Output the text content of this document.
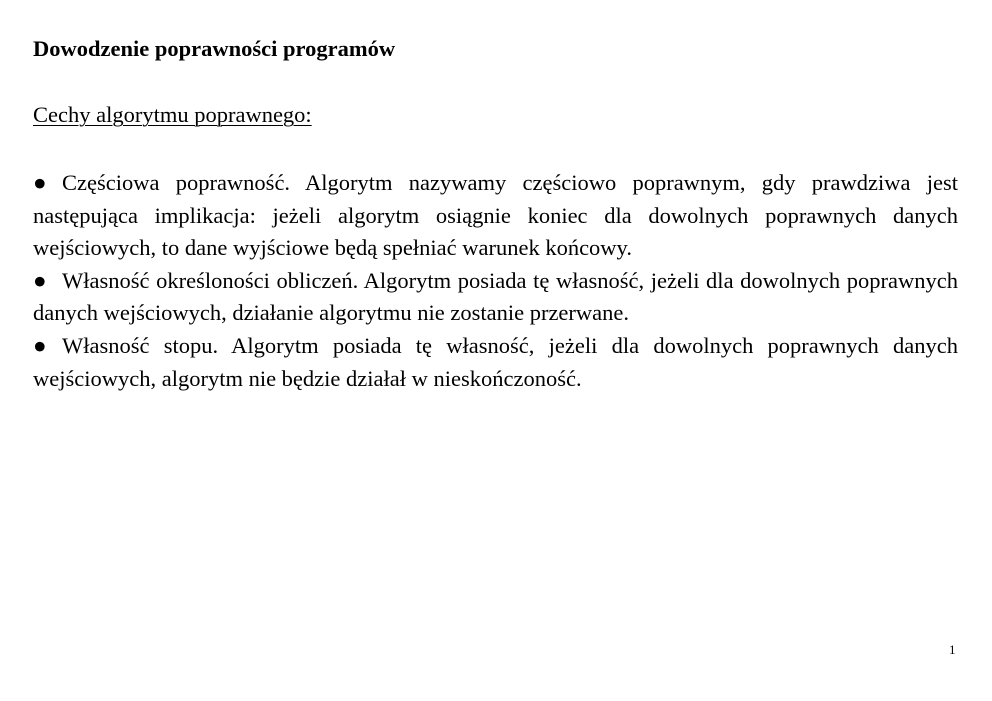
Dowodzenie poprawności programów

Cechy algorytmu poprawnego:

● Częściowa poprawność. Algorytm nazywamy częściowo poprawnym, gdy prawdziwa jest następująca implikacja: jeżeli algorytm osiągnie koniec dla dowolnych poprawnych danych wejściowych, to dane wyjściowe będą spełniać warunek końcowy.
● Własność określoności obliczeń. Algorytm posiada tę własność, jeżeli dla dowolnych poprawnych danych wejściowych, działanie algorytmu nie zostanie przerwane.
● Własność stopu. Algorytm posiada tę własność, jeżeli dla dowolnych poprawnych danych wejściowych, algorytm nie będzie działał w nieskończoność.
1
